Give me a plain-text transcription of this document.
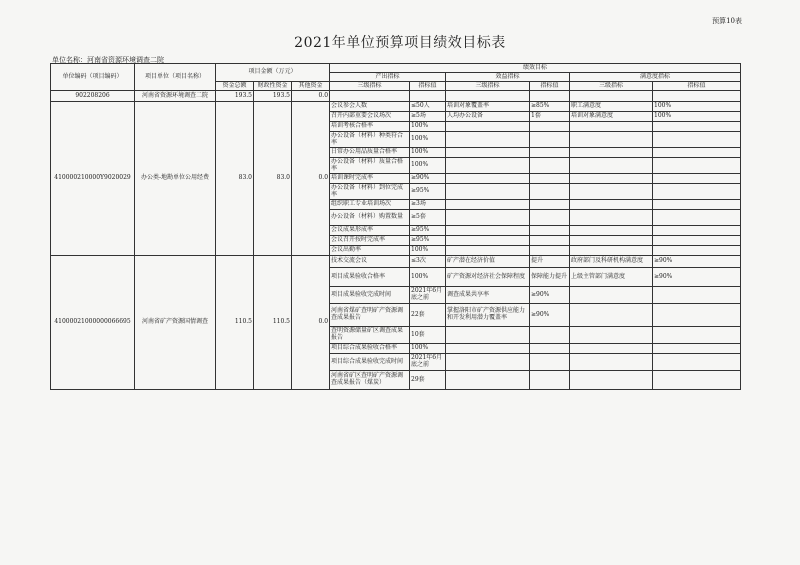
预算10表
2021年单位预算项目绩效目标表
单位名称：河南省资源环境调查二院
单位编码（项目编码）	项目单位（项目名称）	项目金额（万元）			绩效目标					
					产出指标		效益指标		满意度指标	
		资金总额	财政性资金	其他资金	三级指标	指标值	三级指标	指标值	三级指标	指标值
902208206	河南省资源环境调查二院	193.5	193.5	0.0						
410000210000Y9020029	办公类-地勘单位公用经费	83.0	83.0	0.0	会议参会人数	≤50人	培训对象覆盖率	≥85%	职工满意度	100%
					召开内部重要会议场次	≥5场	人均办公设备	1套	培训对象满意度	100%
					培训考核合格率	100%				
					办公设备（材料）种类符合率	100%				
					日常办公用品质量合格率	100%				
					办公设备（材料）质量合格率	100%				
					培训课时完成率	≥90%				
					办公设备（材料）到位完成率	≥95%				
					组织职工专业培训场次	≥3场				
					办公设备（材料）购置数量	≥5套				
					会议成果形成率	≥95%				
					会议召开按时完成率	≥95%				
					会议出勤率	100%				
41000021000000066695	河南省矿产资源国情调查	110.5	110.5	0.0	技术交流会议	≤3次	矿产潜在经济价值	提升	政府部门及科研机构满意度	≥90%
					项目成果验收合格率	100%	矿产资源对经济社会保障程度	保障能力提升	上级主管部门满意度	≥90%
					项目成果验收完成时间	2021年6月底之前	调查成果共享率	≥90%		
					河南省煤矿查明矿产资源调查成果报告	22套	掌握洛阳市矿产资源供应能力和开发利用潜力覆盖率	≥90%		
					查明资源储量矿区调查成果报告	10套				
					项目综合成果验收合格率	100%				
					项目综合成果验收完成时间	2021年6月底之前				
					河南省矿区查明矿产资源调查成果报告（煤炭）	29套				
